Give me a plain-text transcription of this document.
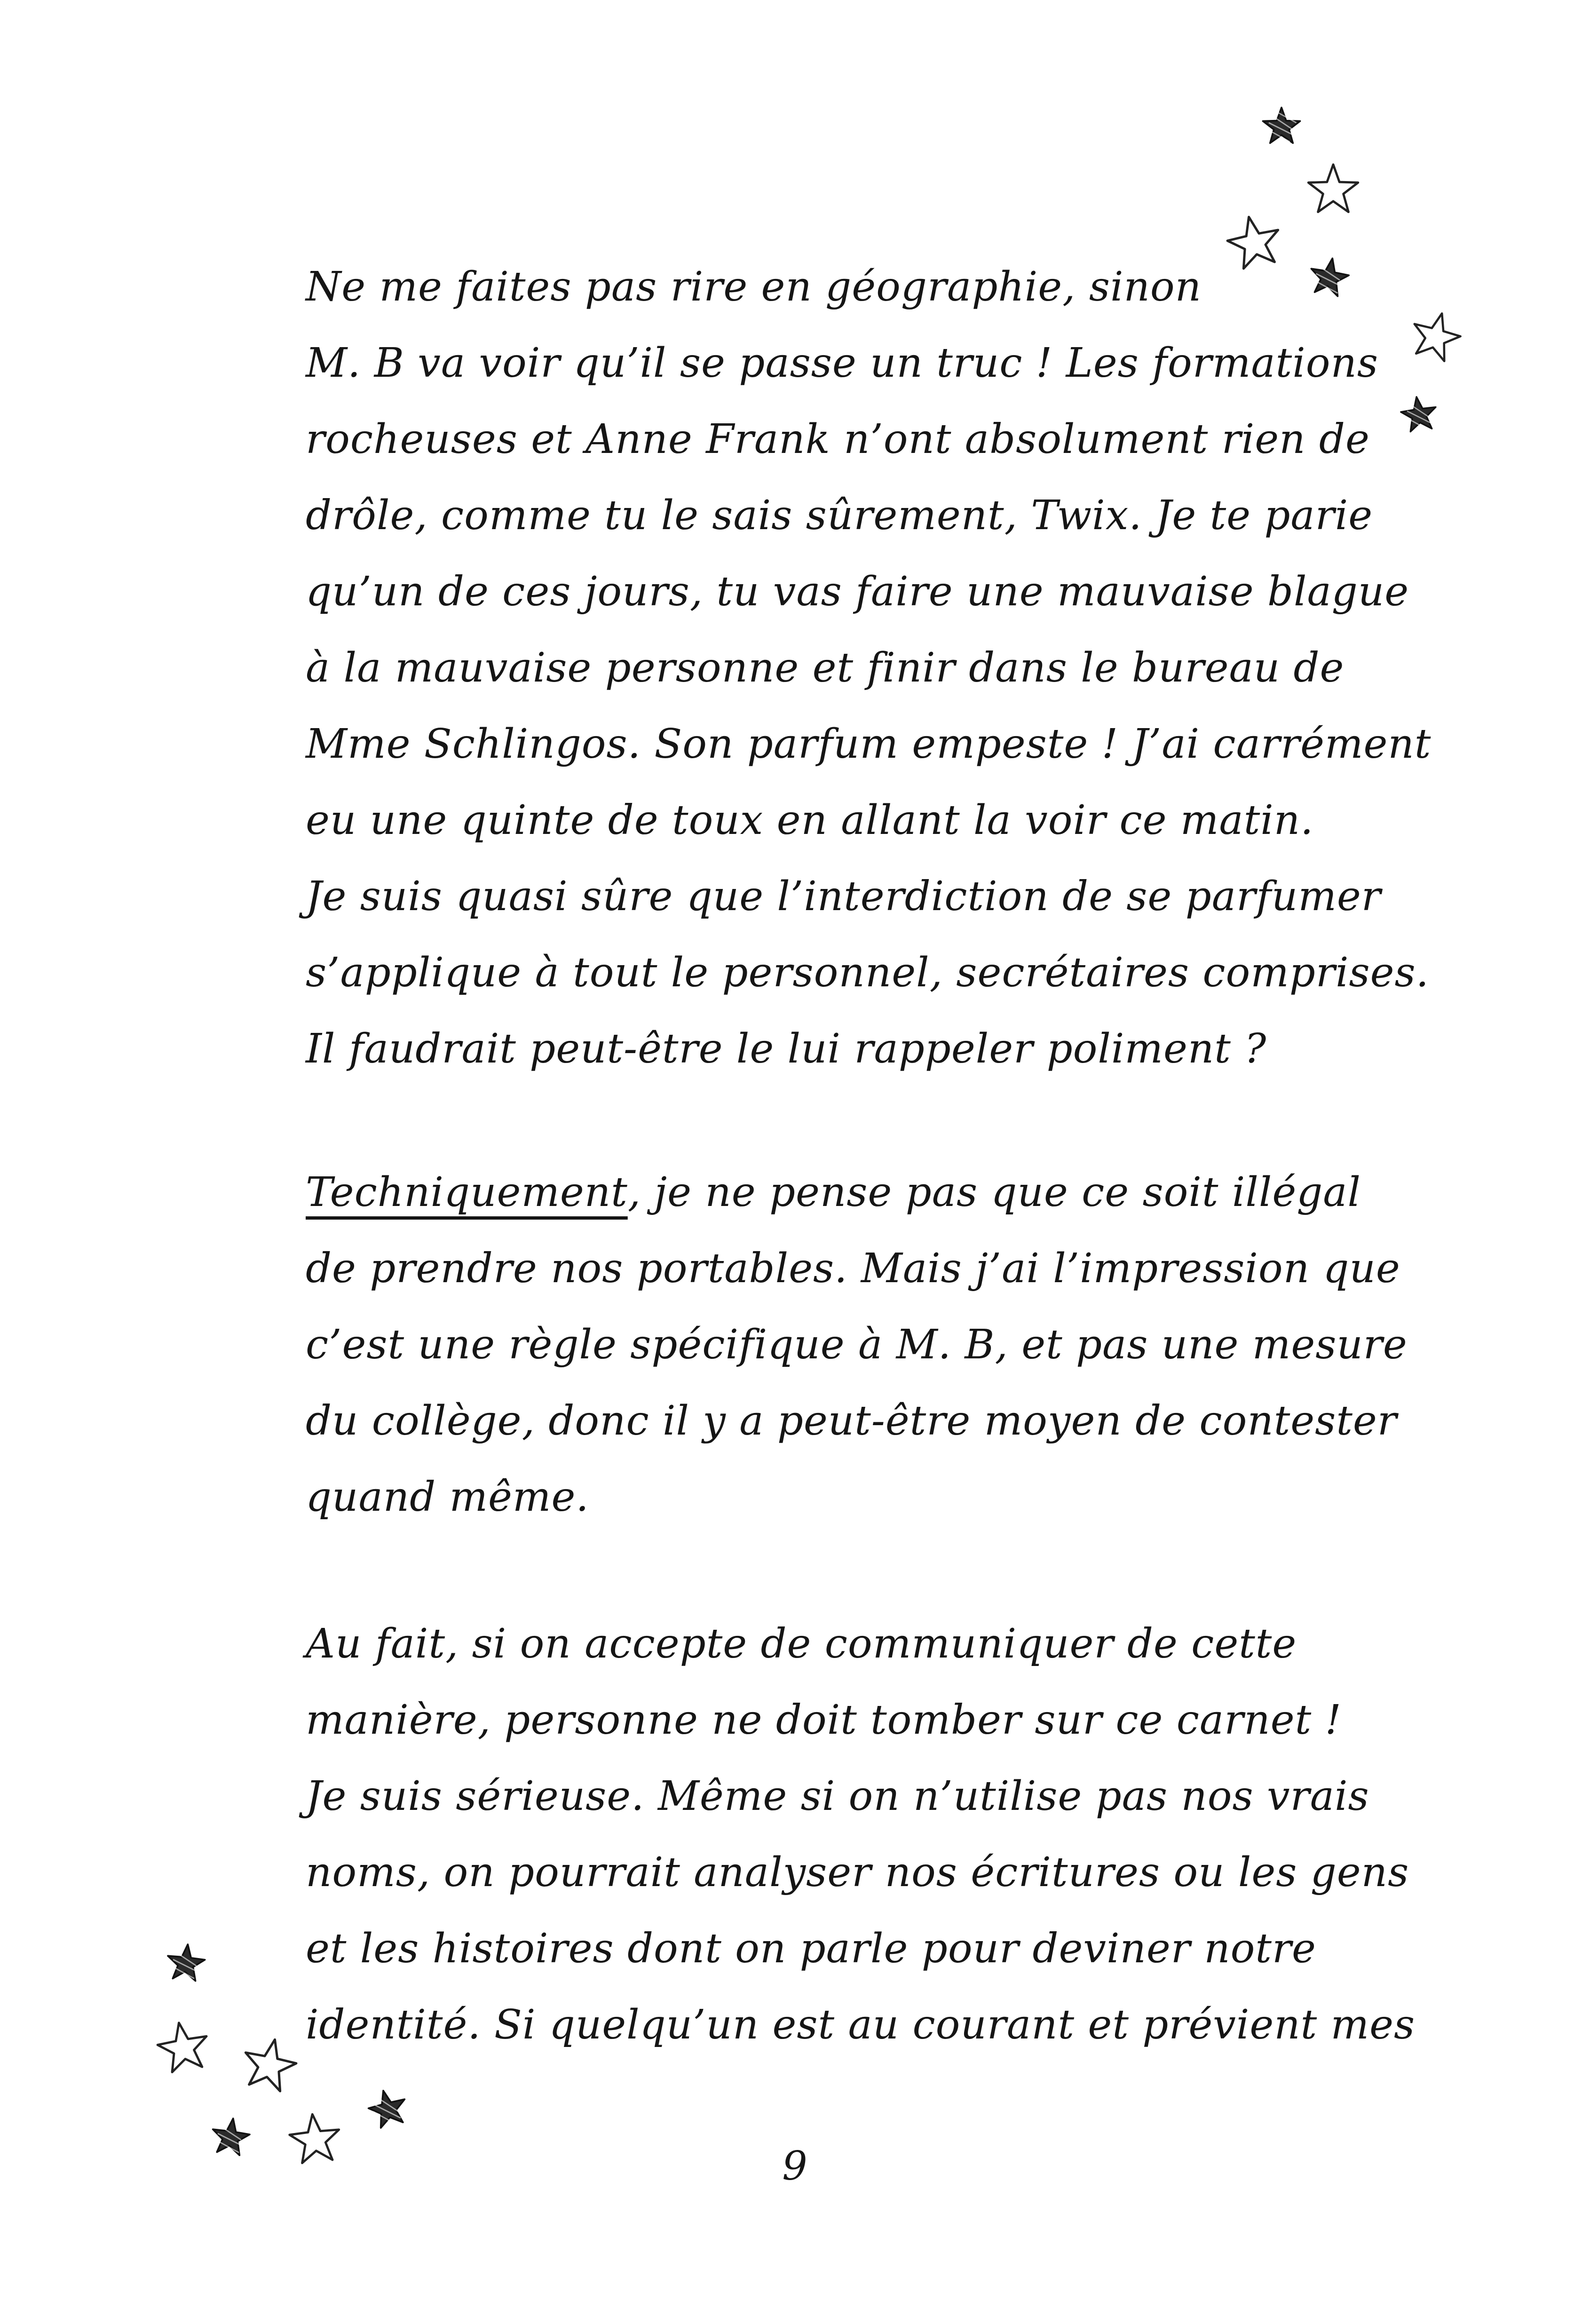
Ne me faites pas rire en géographie, sinon
M. B va voir qu’il se passe un truc ! Les formations
rocheuses et Anne Frank n’ont absolument rien de
drôle, comme tu le sais sûrement, Twix. Je te parie
qu’un de ces jours, tu vas faire une mauvaise blague
à la mauvaise personne et finir dans le bureau de
Mme Schlingos. Son parfum empeste ! J’ai carrément
eu une quinte de toux en allant la voir ce matin.
Je suis quasi sûre que l’interdiction de se parfumer
s’applique à tout le personnel, secrétaires comprises.
Il faudrait peut-être le lui rappeler poliment ?
Techniquement, je ne pense pas que ce soit illégal
de prendre nos portables. Mais j’ai l’impression que
c’est une règle spécifique à M. B, et pas une mesure
du collège, donc il y a peut-être moyen de contester
quand même.
Au fait, si on accepte de communiquer de cette
manière, personne ne doit tomber sur ce carnet !
Je suis sérieuse. Même si on n’utilise pas nos vrais
noms, on pourrait analyser nos écritures ou les gens
et les histoires dont on parle pour deviner notre
identité. Si quelqu’un est au courant et prévient mes
9
